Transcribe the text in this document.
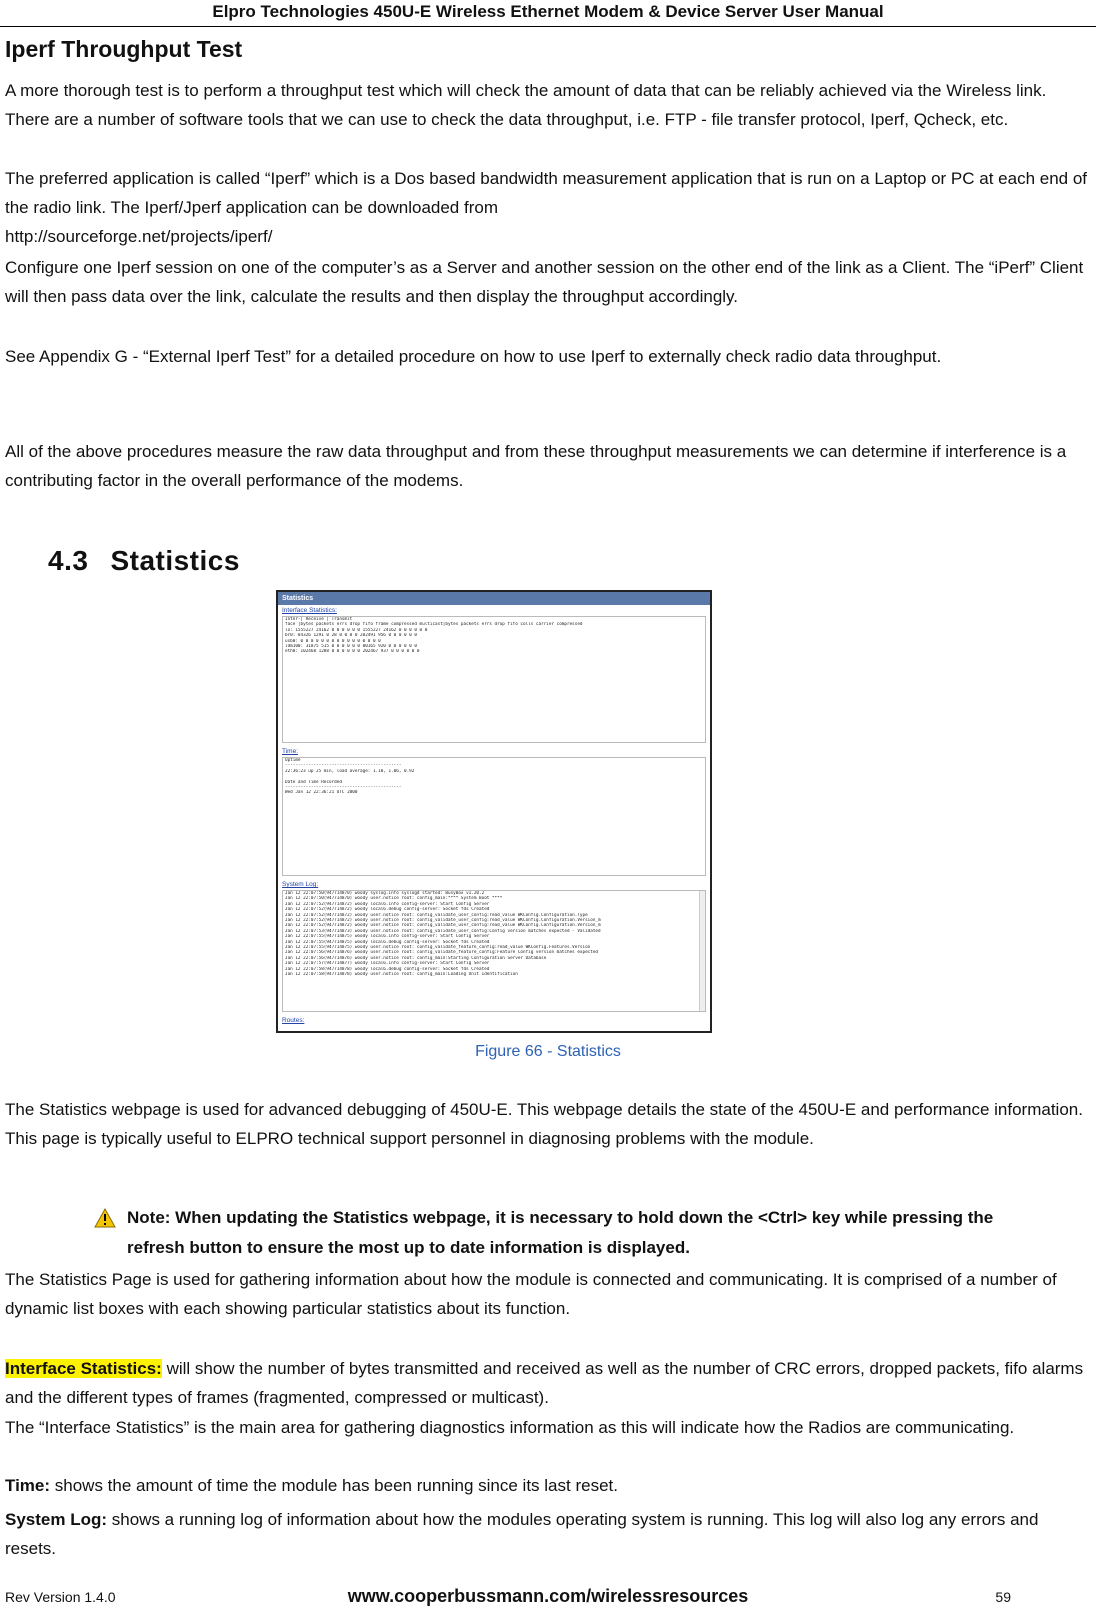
Elpro Technologies 450U-E Wireless Ethernet Modem & Device Server User Manual
Iperf Throughput Test

A more thorough test is to perform a throughput test which will check the amount of data that can be reliably achieved via the Wireless link. There are a number of software tools that we can use to check the data throughput, i.e. FTP - file transfer protocol, Iperf, Qcheck, etc.

The preferred application is called “Iperf” which is a Dos based bandwidth measurement application that is run on a Laptop or PC at each end of the radio link. The Iperf/Jperf application can be downloaded from
http://sourceforge.net/projects/iperf/

Configure one Iperf session on one of the computer’s as a Server and another session on the other end of the link as a Client. The “iPerf” Client will then pass data over the link, calculate the results and then display the throughput accordingly.

See Appendix G - “External Iperf Test” for a detailed procedure on how to use Iperf to externally check radio data throughput.

All of the above procedures measure the raw data throughput and from these throughput measurements we can determine if interference is a contributing factor in the overall performance of the modems.

4.3 Statistics
Statistics
Interface Statistics:
Inter-| Receive | Transmit
face |bytes packets errs drop fifo frame compressed multicast|bytes packets errs drop fifo colls carrier compressed
lo: 1555227 24162 0 0 0 0 0 0 1555227 24162 0 0 0 0 0 0
br0: 84326 1291 0 28 0 0 0 0 202491 956 0 0 0 0 0 0
usb0: 0 0 0 0 0 0 0 0 0 0 0 0 0 0 0 0
ldm100: 31875 515 0 0 0 0 0 0 80165 920 0 0 0 0 0 0
eth0: 102468 1288 0 0 0 0 0 0 202467 937 0 0 0 0 0 0
Time:
Uptime
---------------------------------------------
22:36:23 up 25 min, load average: 1.10, 1.06, 0.92

Date and Time Recorded
---------------------------------------------
Wed Jan 12 22:36:21 UTC 2000
System Log:
Jan 12 22:07:50(947714870) woody syslog.info syslogd started: BusyBox v1.20.2
Jan 12 22:07:50(947714870) woody user.notice root: config_main:**** System Boot ****
Jan 12 22:07:52(947714872) woody local6.info config-server: Start Config Server
Jan 12 22:07:52(947714872) woody local6.debug config-server: Socket fds Created
Jan 12 22:07:52(947714872) woody user.notice root: config_validate_user_config:read_value WKConfig.Configuration.Type
Jan 12 22:07:52(947714872) woody user.notice root: config_validate_user_config:read_value WKConfig.Configuration.Version_m
Jan 12 22:07:52(947714872) woody user.notice root: config_validate_user_config:read_value WKConfig.Configuration.Version_m
Jan 12 22:07:53(947714873) woody user.notice root: config_validate_user_config:Config version matches expected - Validated
Jan 12 22:07:55(947714875) woody local6.info config-server: Start Config Server
Jan 12 22:07:55(947714875) woody local6.debug config-server: Socket fds Created
Jan 12 22:07:55(947714875) woody user.notice root: config_validate_feature_config:read_value WKConfig.Features.Version
Jan 12 22:07:56(947714876) woody user.notice root: config_validate_feature_config:Feature Config version matches expected
Jan 12 22:07:56(947714876) woody user.notice root: config_main:Starting Configuration Server Database
Jan 12 22:07:57(947714877) woody local6.info config-server: Start Config Server
Jan 12 22:07:58(947714878) woody local6.debug config-server: Socket fds Created
Jan 12 22:07:58(947714878) woody user.notice root: config_main:Loading Unit Identification
Routes:

Figure 66 - Statistics

The Statistics webpage is used for advanced debugging of 450U-E. This webpage details the state of the 450U-E and performance information. This page is typically useful to ELPRO technical support personnel in diagnosing problems with the module.

Note: When updating the Statistics webpage, it is necessary to hold down the <Ctrl> key while pressing the refresh button to ensure the most up to date information is displayed.

The Statistics Page is used for gathering information about how the module is connected and communicating. It is comprised of a number of dynamic list boxes with each showing particular statistics about its function.

Interface Statistics: will show the number of bytes transmitted and received as well as the number of CRC errors, dropped packets, fifo alarms and the different types of frames (fragmented, compressed or multicast).

The “Interface Statistics” is the main area for gathering diagnostics information as this will indicate how the Radios are communicating.

Time: shows the amount of time the module has been running since its last reset.

System Log: shows a running log of information about how the modules operating system is running. This log will also log any errors and resets.

www.cooperbussmann.com/wirelessresources
Rev Version 1.4.0	59
